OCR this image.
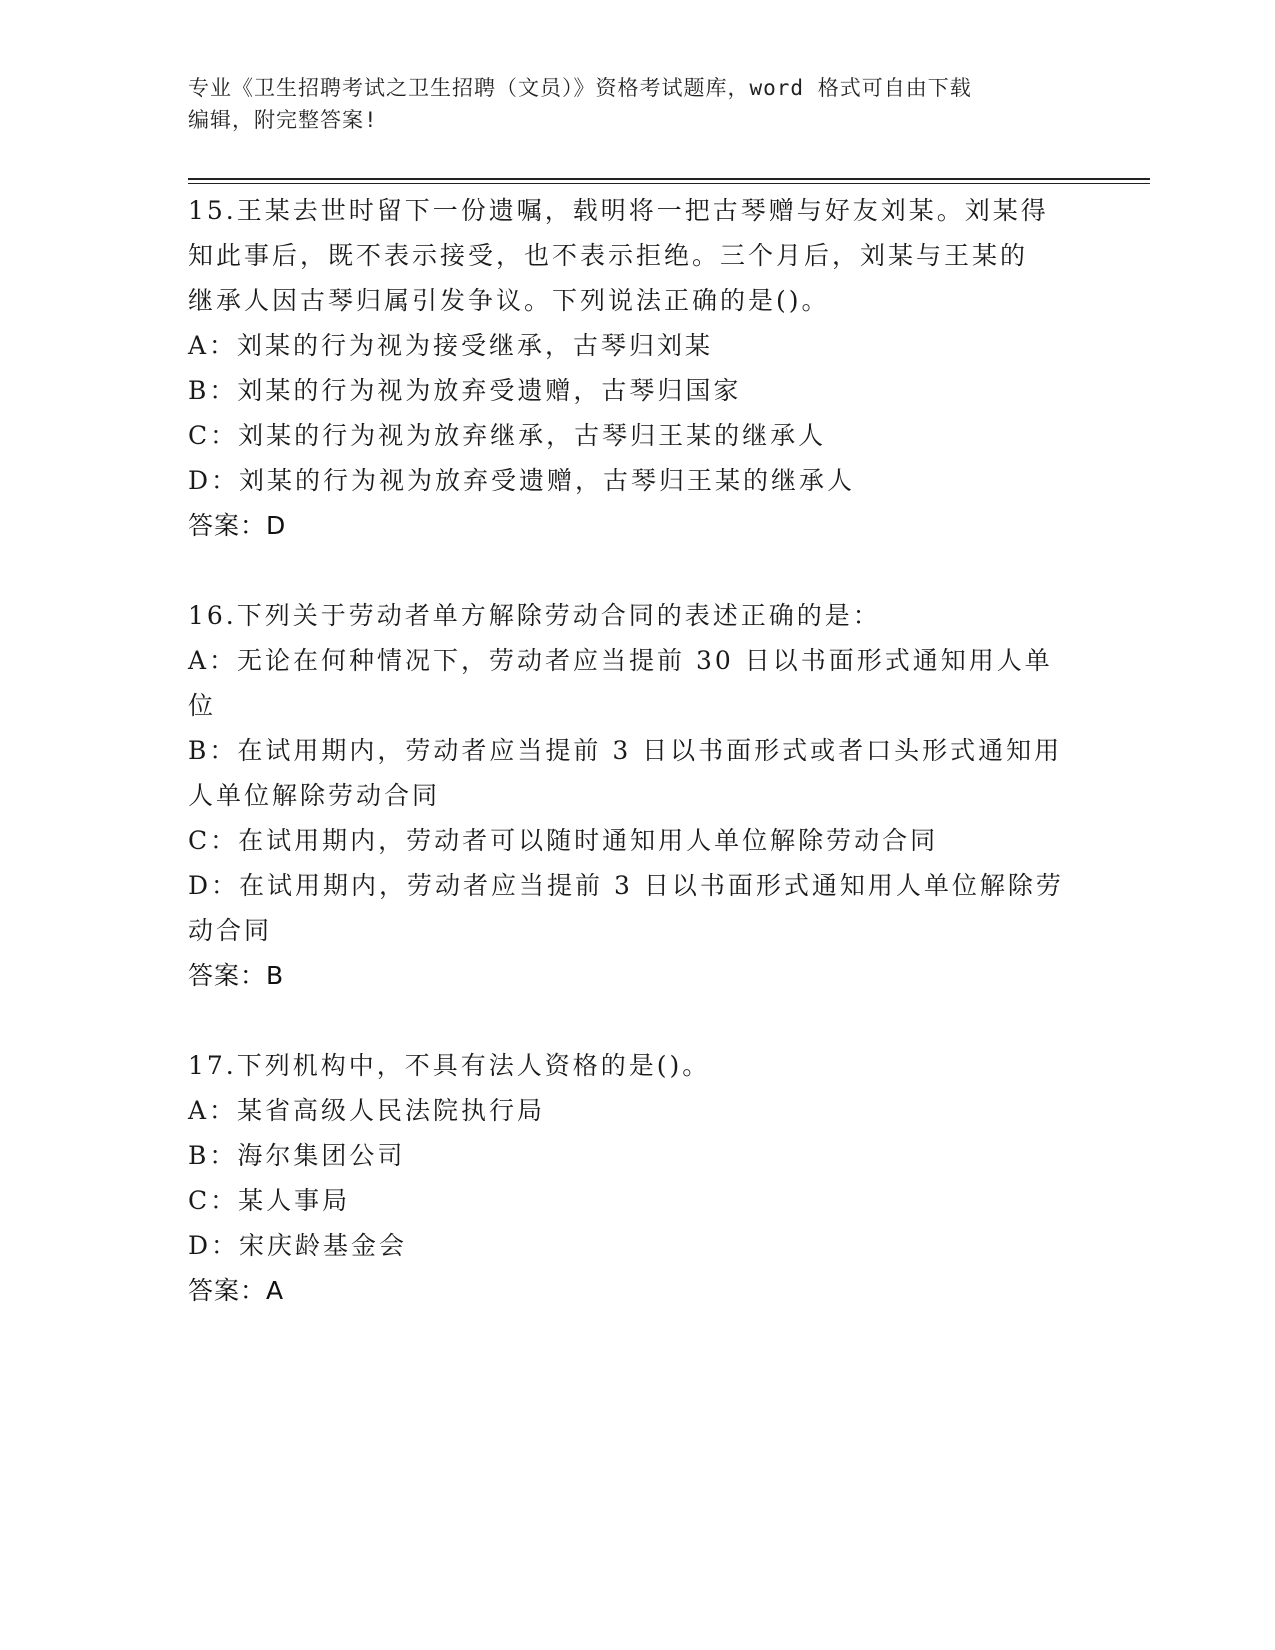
专业《卫生招聘考试之卫生招聘（文员）》资格考试题库，word 格式可自由下载
编辑，附完整答案!
15.王某去世时留下一份遗嘱，载明将一把古琴赠与好友刘某。刘某得
知此事后，既不表示接受，也不表示拒绝。三个月后，刘某与王某的
继承人因古琴归属引发争议。下列说法正确的是()。
A：刘某的行为视为接受继承，古琴归刘某
B：刘某的行为视为放弃受遗赠，古琴归国家
C：刘某的行为视为放弃继承，古琴归王某的继承人
D：刘某的行为视为放弃受遗赠，古琴归王某的继承人
答案：D
16.下列关于劳动者单方解除劳动合同的表述正确的是：
A：无论在何种情况下，劳动者应当提前 30 日以书面形式通知用人单
位
B：在试用期内，劳动者应当提前 3 日以书面形式或者口头形式通知用
人单位解除劳动合同
C：在试用期内，劳动者可以随时通知用人单位解除劳动合同
D：在试用期内，劳动者应当提前 3 日以书面形式通知用人单位解除劳
动合同
答案：B
17.下列机构中，不具有法人资格的是()。
A：某省高级人民法院执行局
B：海尔集团公司
C：某人事局
D：宋庆龄基金会
答案：A
